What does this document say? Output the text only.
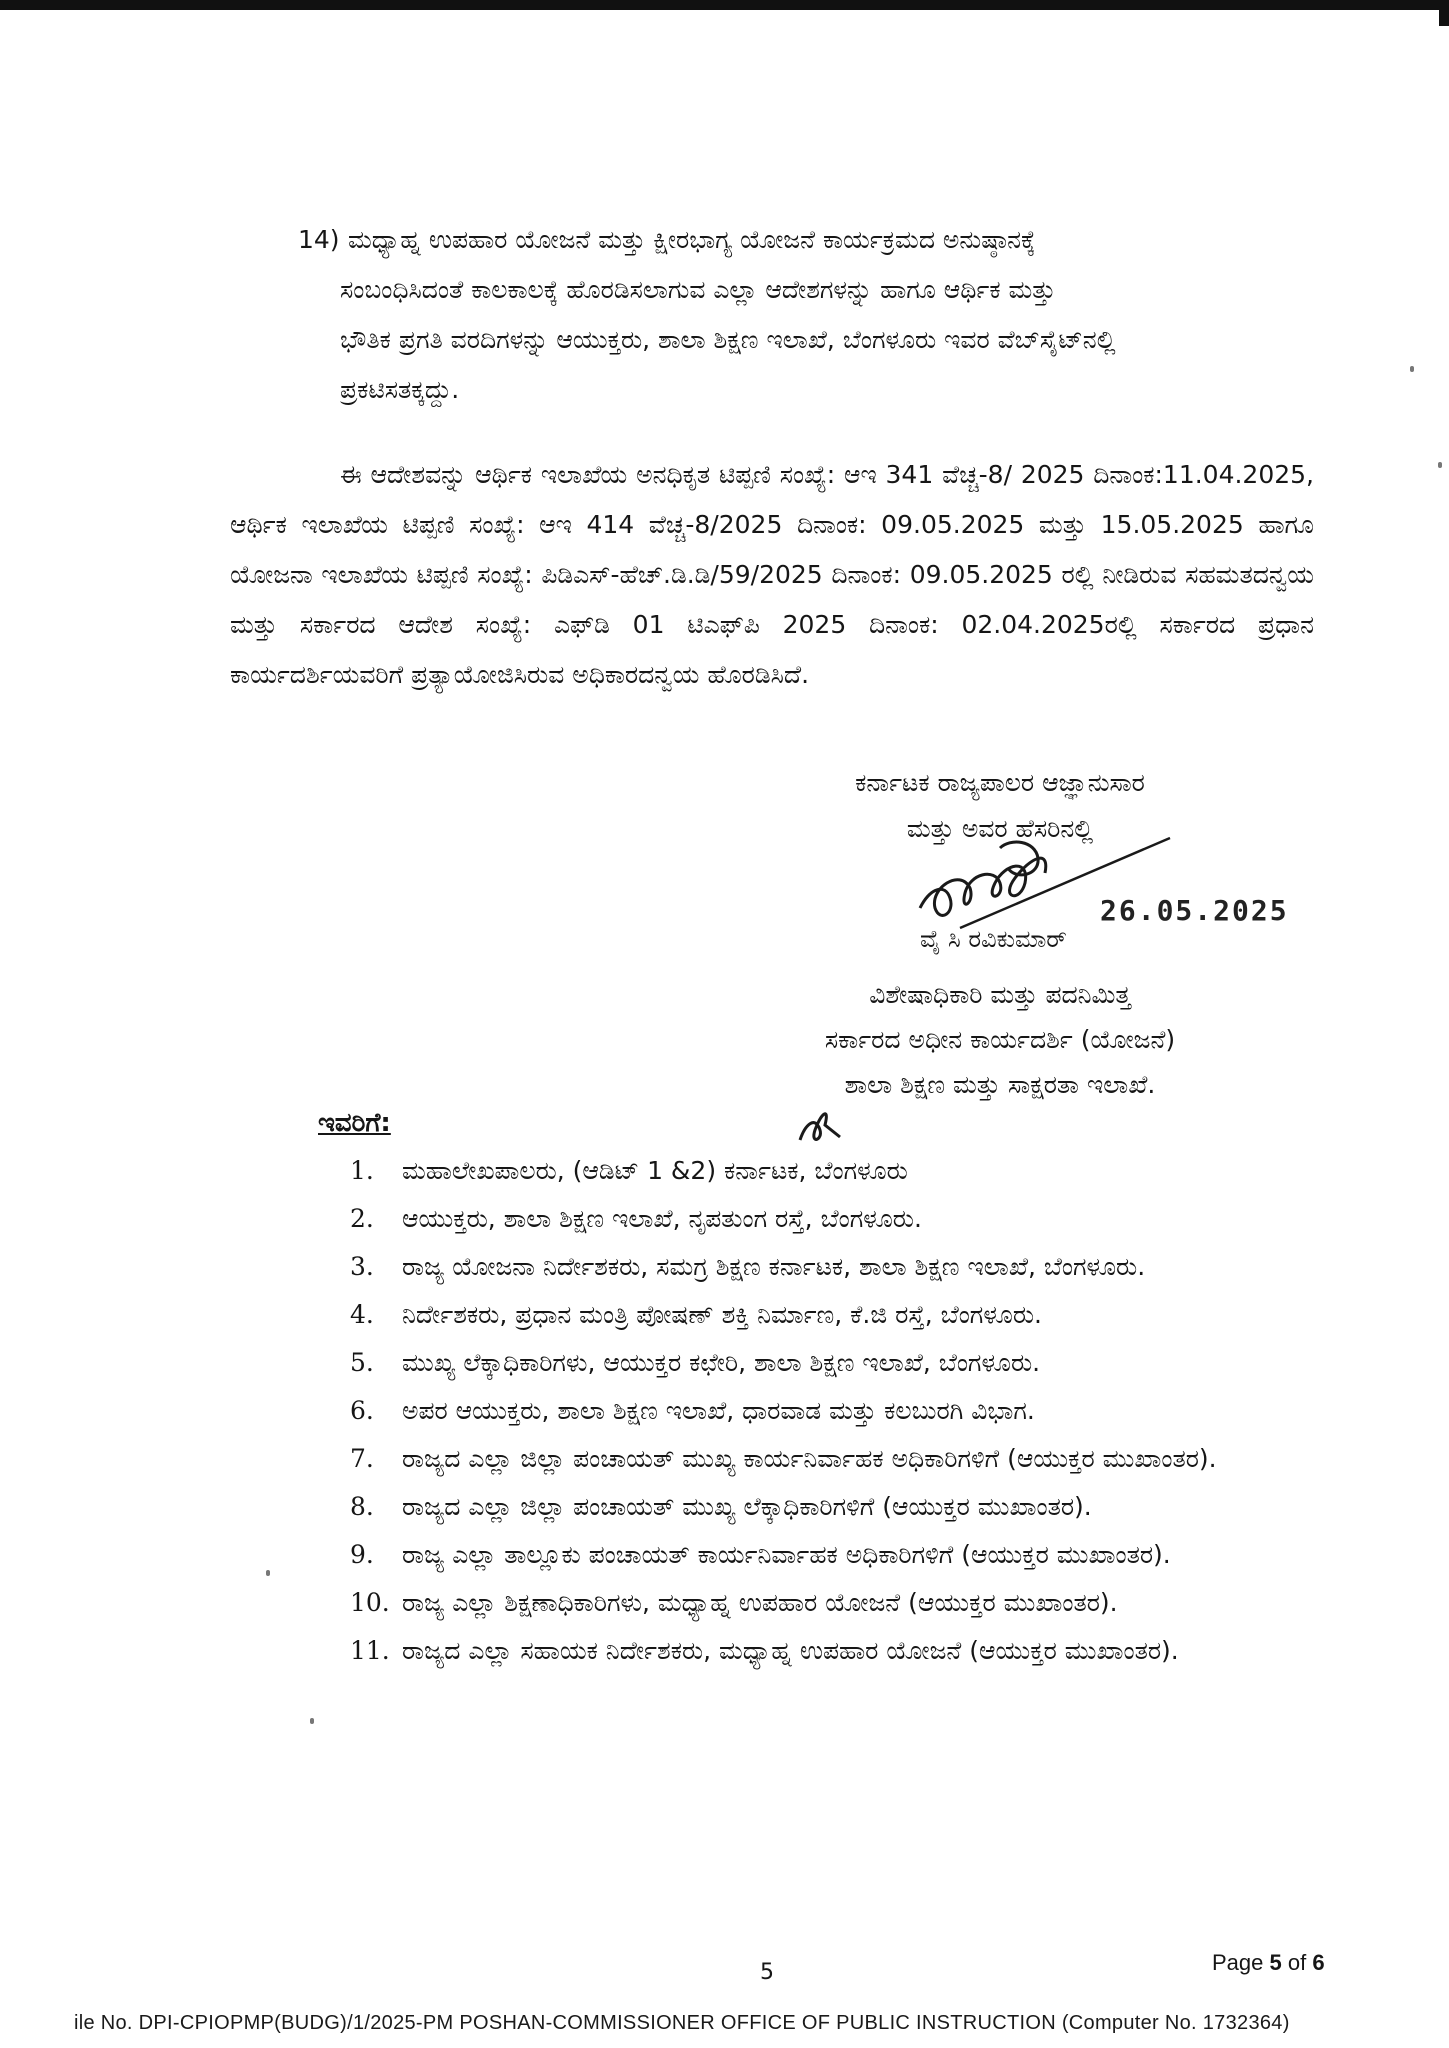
14) ಮಧ್ಯಾಹ್ನ ಉಪಹಾರ ಯೋಜನೆ ಮತ್ತು ಕ್ಷೀರಭಾಗ್ಯ ಯೋಜನೆ ಕಾರ್ಯಕ್ರಮದ ಅನುಷ್ಠಾನಕ್ಕೆ
ಸಂಬಂಧಿಸಿದಂತೆ ಕಾಲಕಾಲಕ್ಕೆ ಹೊರಡಿಸಲಾಗುವ ಎಲ್ಲಾ ಆದೇಶಗಳನ್ನು ಹಾಗೂ ಆರ್ಥಿಕ ಮತ್ತು
ಭೌತಿಕ ಪ್ರಗತಿ ವರದಿಗಳನ್ನು ಆಯುಕ್ತರು, ಶಾಲಾ ಶಿಕ್ಷಣ ಇಲಾಖೆ, ಬೆಂಗಳೂರು ಇವರ ವೆಬ್‌ಸೈಟ್‌ನಲ್ಲಿ
ಪ್ರಕಟಿಸತಕ್ಕದ್ದು.
ಈ ಆದೇಶವನ್ನು ಆರ್ಥಿಕ ಇಲಾಖೆಯ ಅನಧಿಕೃತ ಟಿಪ್ಪಣಿ ಸಂಖ್ಯೆ: ಆಇ 341 ವೆಚ್ಚ-8/ 2025 ದಿನಾಂಕ:11.04.2025, ಆರ್ಥಿಕ ಇಲಾಖೆಯ ಟಿಪ್ಪಣಿ ಸಂಖ್ಯೆ: ಆಇ 414 ವೆಚ್ಚ-8/2025 ದಿನಾಂಕ: 09.05.2025 ಮತ್ತು 15.05.2025 ಹಾಗೂ ಯೋಜನಾ ಇಲಾಖೆಯ ಟಿಪ್ಪಣಿ ಸಂಖ್ಯೆ: ಪಿಡಿಎಸ್-ಹೆಚ್.ಡಿ.ಡಿ/59/2025 ದಿನಾಂಕ: 09.05.2025 ರಲ್ಲಿ ನೀಡಿರುವ ಸಹಮತದನ್ವಯ ಮತ್ತು ಸರ್ಕಾರದ ಆದೇಶ ಸಂಖ್ಯೆ: ಎಫ್‌ಡಿ 01 ಟಿಎಫ್‌ಪಿ 2025 ದಿನಾಂಕ: 02.04.2025ರಲ್ಲಿ ಸರ್ಕಾರದ ಪ್ರಧಾನ ಕಾರ್ಯದರ್ಶಿಯವರಿಗೆ ಪ್ರತ್ಯಾಯೋಜಿಸಿರುವ ಅಧಿಕಾರದನ್ವಯ ಹೊರಡಿಸಿದೆ.
ಕರ್ನಾಟಕ ರಾಜ್ಯಪಾಲರ ಆಜ್ಞಾನುಸಾರ
ಮತ್ತು ಅವರ ಹೆಸರಿನಲ್ಲಿ
26.05.2025
ವೈ ಸಿ ರವಿಕುಮಾರ್
ವಿಶೇಷಾಧಿಕಾರಿ ಮತ್ತು ಪದನಿಮಿತ್ತ
ಸರ್ಕಾರದ ಅಧೀನ ಕಾರ್ಯದರ್ಶಿ (ಯೋಜನೆ)
ಶಾಲಾ ಶಿಕ್ಷಣ ಮತ್ತು ಸಾಕ್ಷರತಾ ಇಲಾಖೆ.
ಇವರಿಗೆ:
1.	ಮಹಾಲೇಖಪಾಲರು, (ಆಡಿಟ್ 1 &2) ಕರ್ನಾಟಕ, ಬೆಂಗಳೂರು
2.	ಆಯುಕ್ತರು, ಶಾಲಾ ಶಿಕ್ಷಣ ಇಲಾಖೆ, ನೃಪತುಂಗ ರಸ್ತೆ, ಬೆಂಗಳೂರು.
3.	ರಾಜ್ಯ ಯೋಜನಾ ನಿರ್ದೇಶಕರು, ಸಮಗ್ರ ಶಿಕ್ಷಣ ಕರ್ನಾಟಕ, ಶಾಲಾ ಶಿಕ್ಷಣ ಇಲಾಖೆ, ಬೆಂಗಳೂರು.
4.	ನಿರ್ದೇಶಕರು, ಪ್ರಧಾನ ಮಂತ್ರಿ ಪೋಷಣ್ ಶಕ್ತಿ ನಿರ್ಮಾಣ, ಕೆ.ಜಿ ರಸ್ತೆ, ಬೆಂಗಳೂರು.
5.	ಮುಖ್ಯ ಲೆಕ್ಕಾಧಿಕಾರಿಗಳು, ಆಯುಕ್ತರ ಕಛೇರಿ, ಶಾಲಾ ಶಿಕ್ಷಣ ಇಲಾಖೆ, ಬೆಂಗಳೂರು.
6.	ಅಪರ ಆಯುಕ್ತರು, ಶಾಲಾ ಶಿಕ್ಷಣ ಇಲಾಖೆ, ಧಾರವಾಡ ಮತ್ತು ಕಲಬುರಗಿ ವಿಭಾಗ.
7.	ರಾಜ್ಯದ ಎಲ್ಲಾ ಜಿಲ್ಲಾ ಪಂಚಾಯತ್ ಮುಖ್ಯ ಕಾರ್ಯನಿರ್ವಾಹಕ ಅಧಿಕಾರಿಗಳಿಗೆ (ಆಯುಕ್ತರ ಮುಖಾಂತರ).
8.	ರಾಜ್ಯದ ಎಲ್ಲಾ ಜಿಲ್ಲಾ ಪಂಚಾಯತ್ ಮುಖ್ಯ ಲೆಕ್ಕಾಧಿಕಾರಿಗಳಿಗೆ (ಆಯುಕ್ತರ ಮುಖಾಂತರ).
9.	ರಾಜ್ಯ ಎಲ್ಲಾ ತಾಲ್ಲೂಕು ಪಂಚಾಯತ್ ಕಾರ್ಯನಿರ್ವಾಹಕ ಅಧಿಕಾರಿಗಳಿಗೆ (ಆಯುಕ್ತರ ಮುಖಾಂತರ).
10. ರಾಜ್ಯ ಎಲ್ಲಾ ಶಿಕ್ಷಣಾಧಿಕಾರಿಗಳು, ಮಧ್ಯಾಹ್ನ ಉಪಹಾರ ಯೋಜನೆ (ಆಯುಕ್ತರ ಮುಖಾಂತರ).
11. ರಾಜ್ಯದ ಎಲ್ಲಾ ಸಹಾಯಕ ನಿರ್ದೇಶಕರು, ಮಧ್ಯಾಹ್ನ ಉಪಹಾರ ಯೋಜನೆ (ಆಯುಕ್ತರ ಮುಖಾಂತರ).
5	Page 5 of 6
ile No. DPI-CPIOPMP(BUDG)/1/2025-PM POSHAN-COMMISSIONER OFFICE OF PUBLIC INSTRUCTION (Computer No. 1732364)
